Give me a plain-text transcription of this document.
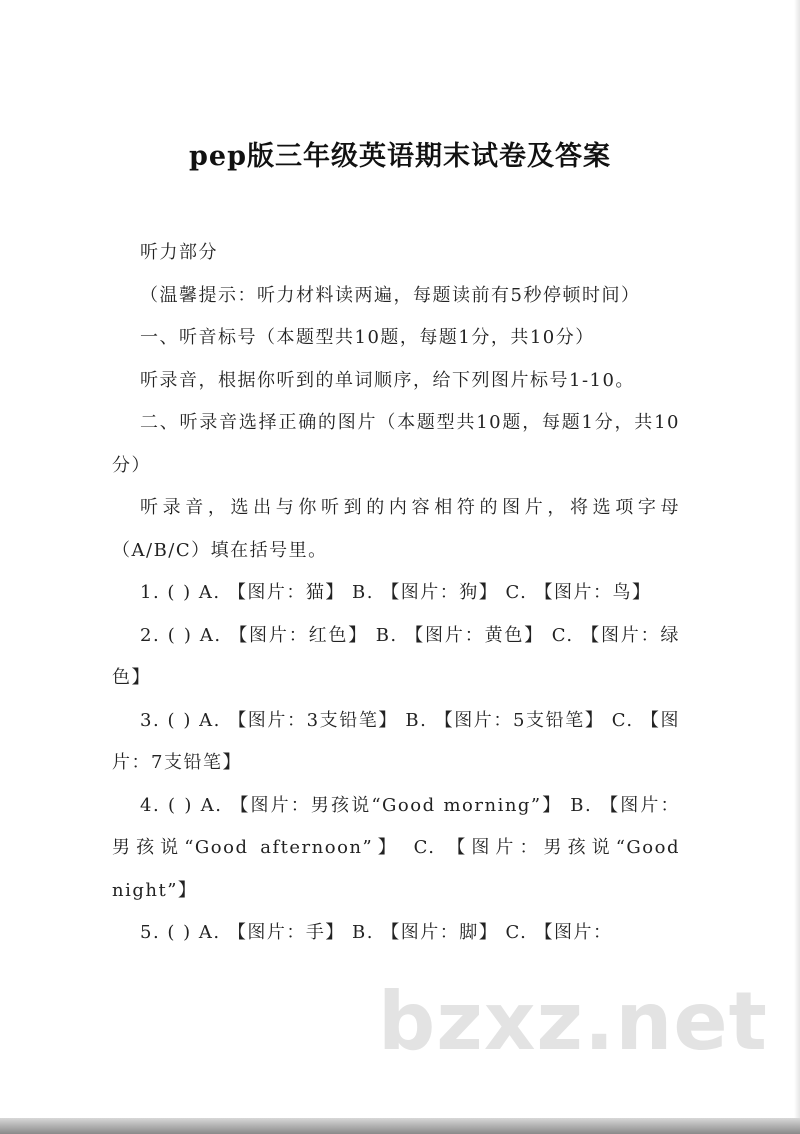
pep版三年级英语期末试卷及答案

听力部分

（温馨提示：听力材料读两遍，每题读前有5秒停顿时间）

一、听音标号（本题型共10题，每题1分，共10分）

听录音，根据你听到的单词顺序，给下列图片标号1-10。

二、听录音选择正确的图片（本题型共10题，每题1分，共10分）

听录音，选出与你听到的内容相符的图片，将选项字母（A/B/C）填在括号里。

1. ( ) A. 【图片：猫】 B. 【图片：狗】 C. 【图片：鸟】

2. ( ) A. 【图片：红色】 B. 【图片：黄色】 C. 【图片：绿色】

3. ( ) A. 【图片：3支铅笔】 B. 【图片：5支铅笔】 C. 【图片：7支铅笔】

4. ( ) A. 【图片：男孩说“Good morning”】 B. 【图片：男孩说“Good afternoon”】 C. 【图片：男孩说“Good night”】

5. ( ) A. 【图片：手】 B. 【图片：脚】 C. 【图片：

bzxz.net
